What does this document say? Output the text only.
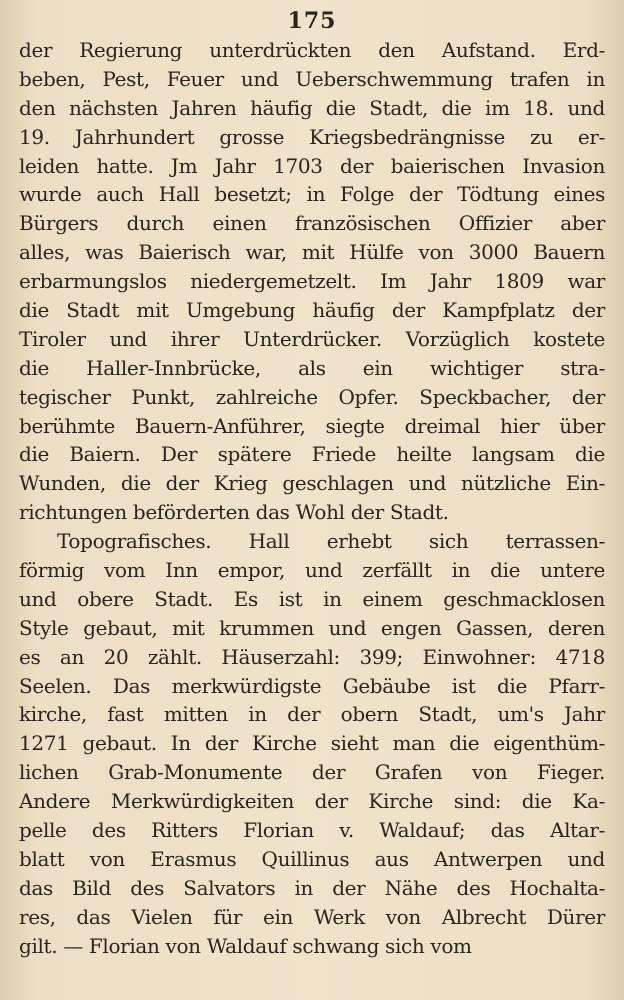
175
der Regierung unterdrückten den Aufstand. Erd-
beben, Pest, Feuer und Ueberschwemmung trafen in
den nächsten Jahren häufig die Stadt, die im 18. und
19. Jahrhundert grosse Kriegsbedrängnisse zu er-
leiden hatte. Jm Jahr 1703 der baierischen Invasion
wurde auch Hall besetzt; in Folge der Tödtung eines
Bürgers durch einen französischen Offizier aber
alles, was Baierisch war, mit Hülfe von 3000 Bauern
erbarmungslos niedergemetzelt. Im Jahr 1809 war
die Stadt mit Umgebung häufig der Kampfplatz der
Tiroler und ihrer Unterdrücker. Vorzüglich kostete
die Haller-Innbrücke, als ein wichtiger stra-
tegischer Punkt, zahlreiche Opfer. Speckbacher, der
berühmte Bauern-Anführer, siegte dreimal hier über
die Baiern. Der spätere Friede heilte langsam die
Wunden, die der Krieg geschlagen und nützliche Ein-
richtungen beförderten das Wohl der Stadt.
Topografisches. Hall erhebt sich terrassen-
förmig vom Inn empor, und zerfällt in die untere
und obere Stadt. Es ist in einem geschmacklosen
Style gebaut, mit krummen und engen Gassen, deren
es an 20 zählt. Häuserzahl: 399; Einwohner: 4718
Seelen. Das merkwürdigste Gebäube ist die Pfarr-
kirche, fast mitten in der obern Stadt, um's Jahr
1271 gebaut. In der Kirche sieht man die eigenthüm-
lichen Grab-Monumente der Grafen von Fieger.
Andere Merkwürdigkeiten der Kirche sind: die Ka-
pelle des Ritters Florian v. Waldauf; das Altar-
blatt von Erasmus Quillinus aus Antwerpen und
das Bild des Salvators in der Nähe des Hochalta-
res, das Vielen für ein Werk von Albrecht Dürer
gilt. — Florian von Waldauf schwang sich vom
